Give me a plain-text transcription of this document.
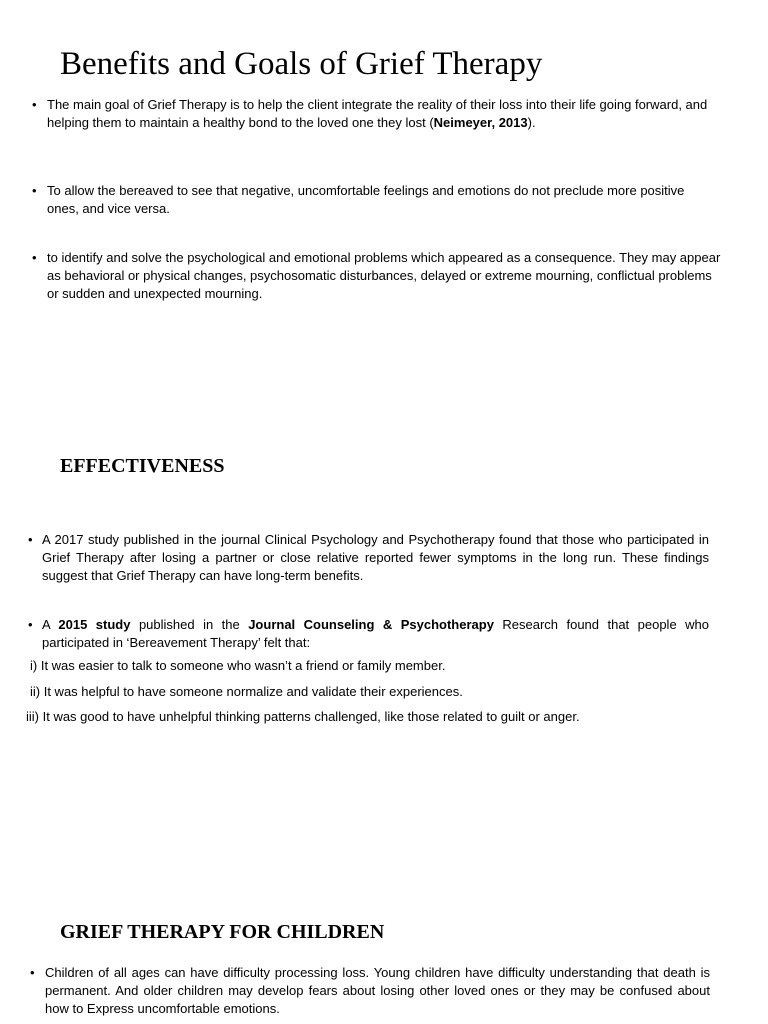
Benefits and Goals of Grief Therapy
• The main goal of Grief Therapy is to help the client integrate the reality of their loss into their life going forward, and helping them to maintain a healthy bond to the loved one they lost (Neimeyer, 2013).
• To allow the bereaved to see that negative, uncomfortable feelings and emotions do not preclude more positive ones, and vice versa.
• to identify and solve the psychological and emotional problems which appeared as a consequence. They may appear as behavioral or physical changes, psychosomatic disturbances, delayed or extreme mourning, conflictual problems or sudden and unexpected mourning.
EFFECTIVENESS
• A 2017 study published in the journal Clinical Psychology and Psychotherapy found that those who participated in Grief Therapy after losing a partner or close relative reported fewer symptoms in the long run. These findings suggest that Grief Therapy can have long-term benefits.
• A 2015 study published in the Journal Counseling & Psychotherapy Research found that people who participated in ‘Bereavement Therapy’ felt that:
i) It was easier to talk to someone who wasn’t a friend or family member.
ii) It was helpful to have someone normalize and validate their experiences.
iii) It was good to have unhelpful thinking patterns challenged, like those related to guilt or anger.
GRIEF THERAPY FOR CHILDREN
• Children of all ages can have difficulty processing loss. Young children have difficulty understanding that death is permanent. And older children may develop fears about losing other loved ones or they may be confused about how to Express uncomfortable emotions.
